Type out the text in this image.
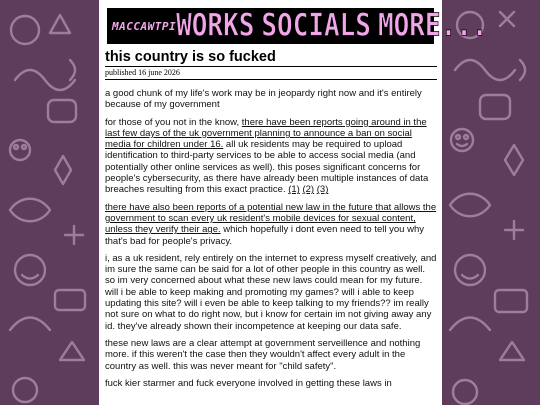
MACCAWTPI WORKS SOCIALS MORE...
this country is so fucked
published 16 june 2026

a good chunk of my life's work may be in jeopardy right now and it's entirely because of my government

for those of you not in the know, there have been reports going around in the last few days of the uk government planning to announce a ban on social media for children under 16. all uk residents may be required to upload identification to third-party services to be able to access social media (and potentially other online services as well). this poses significant concerns for people's cybersecurity, as there have already been multiple instances of data breaches resulting from this exact practice. (1) (2) (3)

there have also been reports of a potential new law in the future that allows the government to scan every uk resident's mobile devices for sexual content, unless they verify their age. which hopefully i dont even need to tell you why that's bad for people's privacy.

i, as a uk resident, rely entirely on the internet to express myself creatively, and im sure the same can be said for a lot of other people in this country as well. so im very concerned about what these new laws could mean for my future. will i be able to keep making and promoting my games? will i able to keep updating this site? will i even be able to keep talking to my friends?? im really not sure on what to do right now, but i know for certain im not giving away any id. they've already shown their incompetence at keeping our data safe.

these new laws are a clear attempt at government serveillence and nothing more. if this weren't the case then they wouldn't affect every adult in the country as well. this was never meant for "child safety".

fuck kier starmer and fuck everyone involved in getting these laws in
